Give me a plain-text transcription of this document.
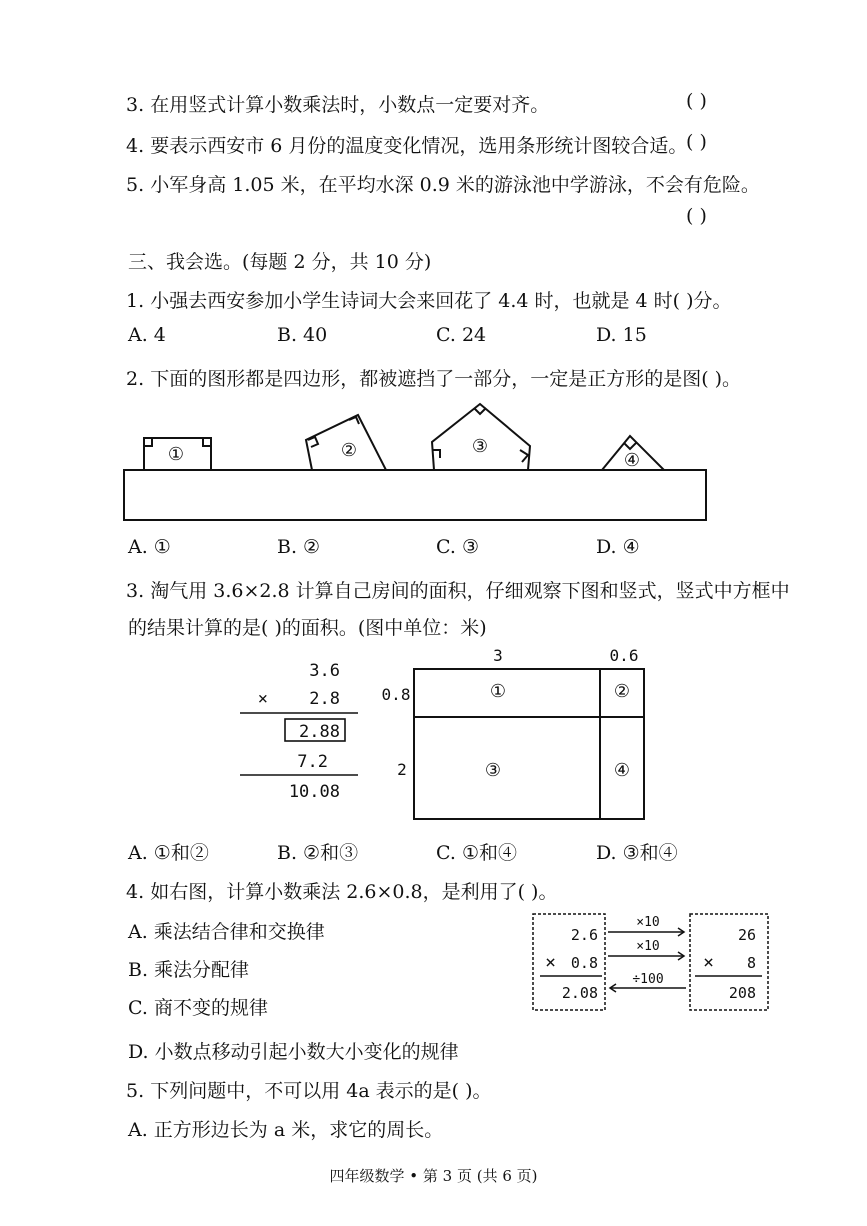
3. 在用竖式计算小数乘法时，小数点一定要对齐。	( )
4. 要表示西安市 6 月份的温度变化情况，选用条形统计图较合适。
( )
5. 小军身高 1.05 米，在平均水深 0.9 米的游泳池中学游泳，不会有危险。
( )
三、我会选。(每题 2 分，共 10 分)
1. 小强去西安参加小学生诗词大会来回花了 4.4 时，也就是 4 时( )分。
A. 4	B. 40	C. 24	D. 15
2. 下面的图形都是四边形，都被遮挡了一部分，一定是正方形的是图( )。
①	②	③
④
A. ①	B. ②	C. ③	D. ④
3. 淘气用 3.6×2.8 计算自己房间的面积，仔细观察下图和竖式，竖式中方框中
的结果计算的是( )的面积。(图中单位：米)
3.6
× 2.8
2.88
7.2
10.08
3	0.6
0.8
2
①	②
③	④
A. ①和②	B. ②和③	C. ①和④	D. ③和④
4. 如右图，计算小数乘法 2.6×0.8，是利用了( )。
A. 乘法结合律和交换律
B. 乘法分配律
C. 商不变的规律
D. 小数点移动引起小数大小变化的规律
2.6
× 0.8
2.08
26
× 8
208
×10
×10
÷100
5. 下列问题中，不可以用 4a 表示的是( )。
A. 正方形边长为 a 米，求它的周长。
四年级数学 • 第 3 页 (共 6 页)
